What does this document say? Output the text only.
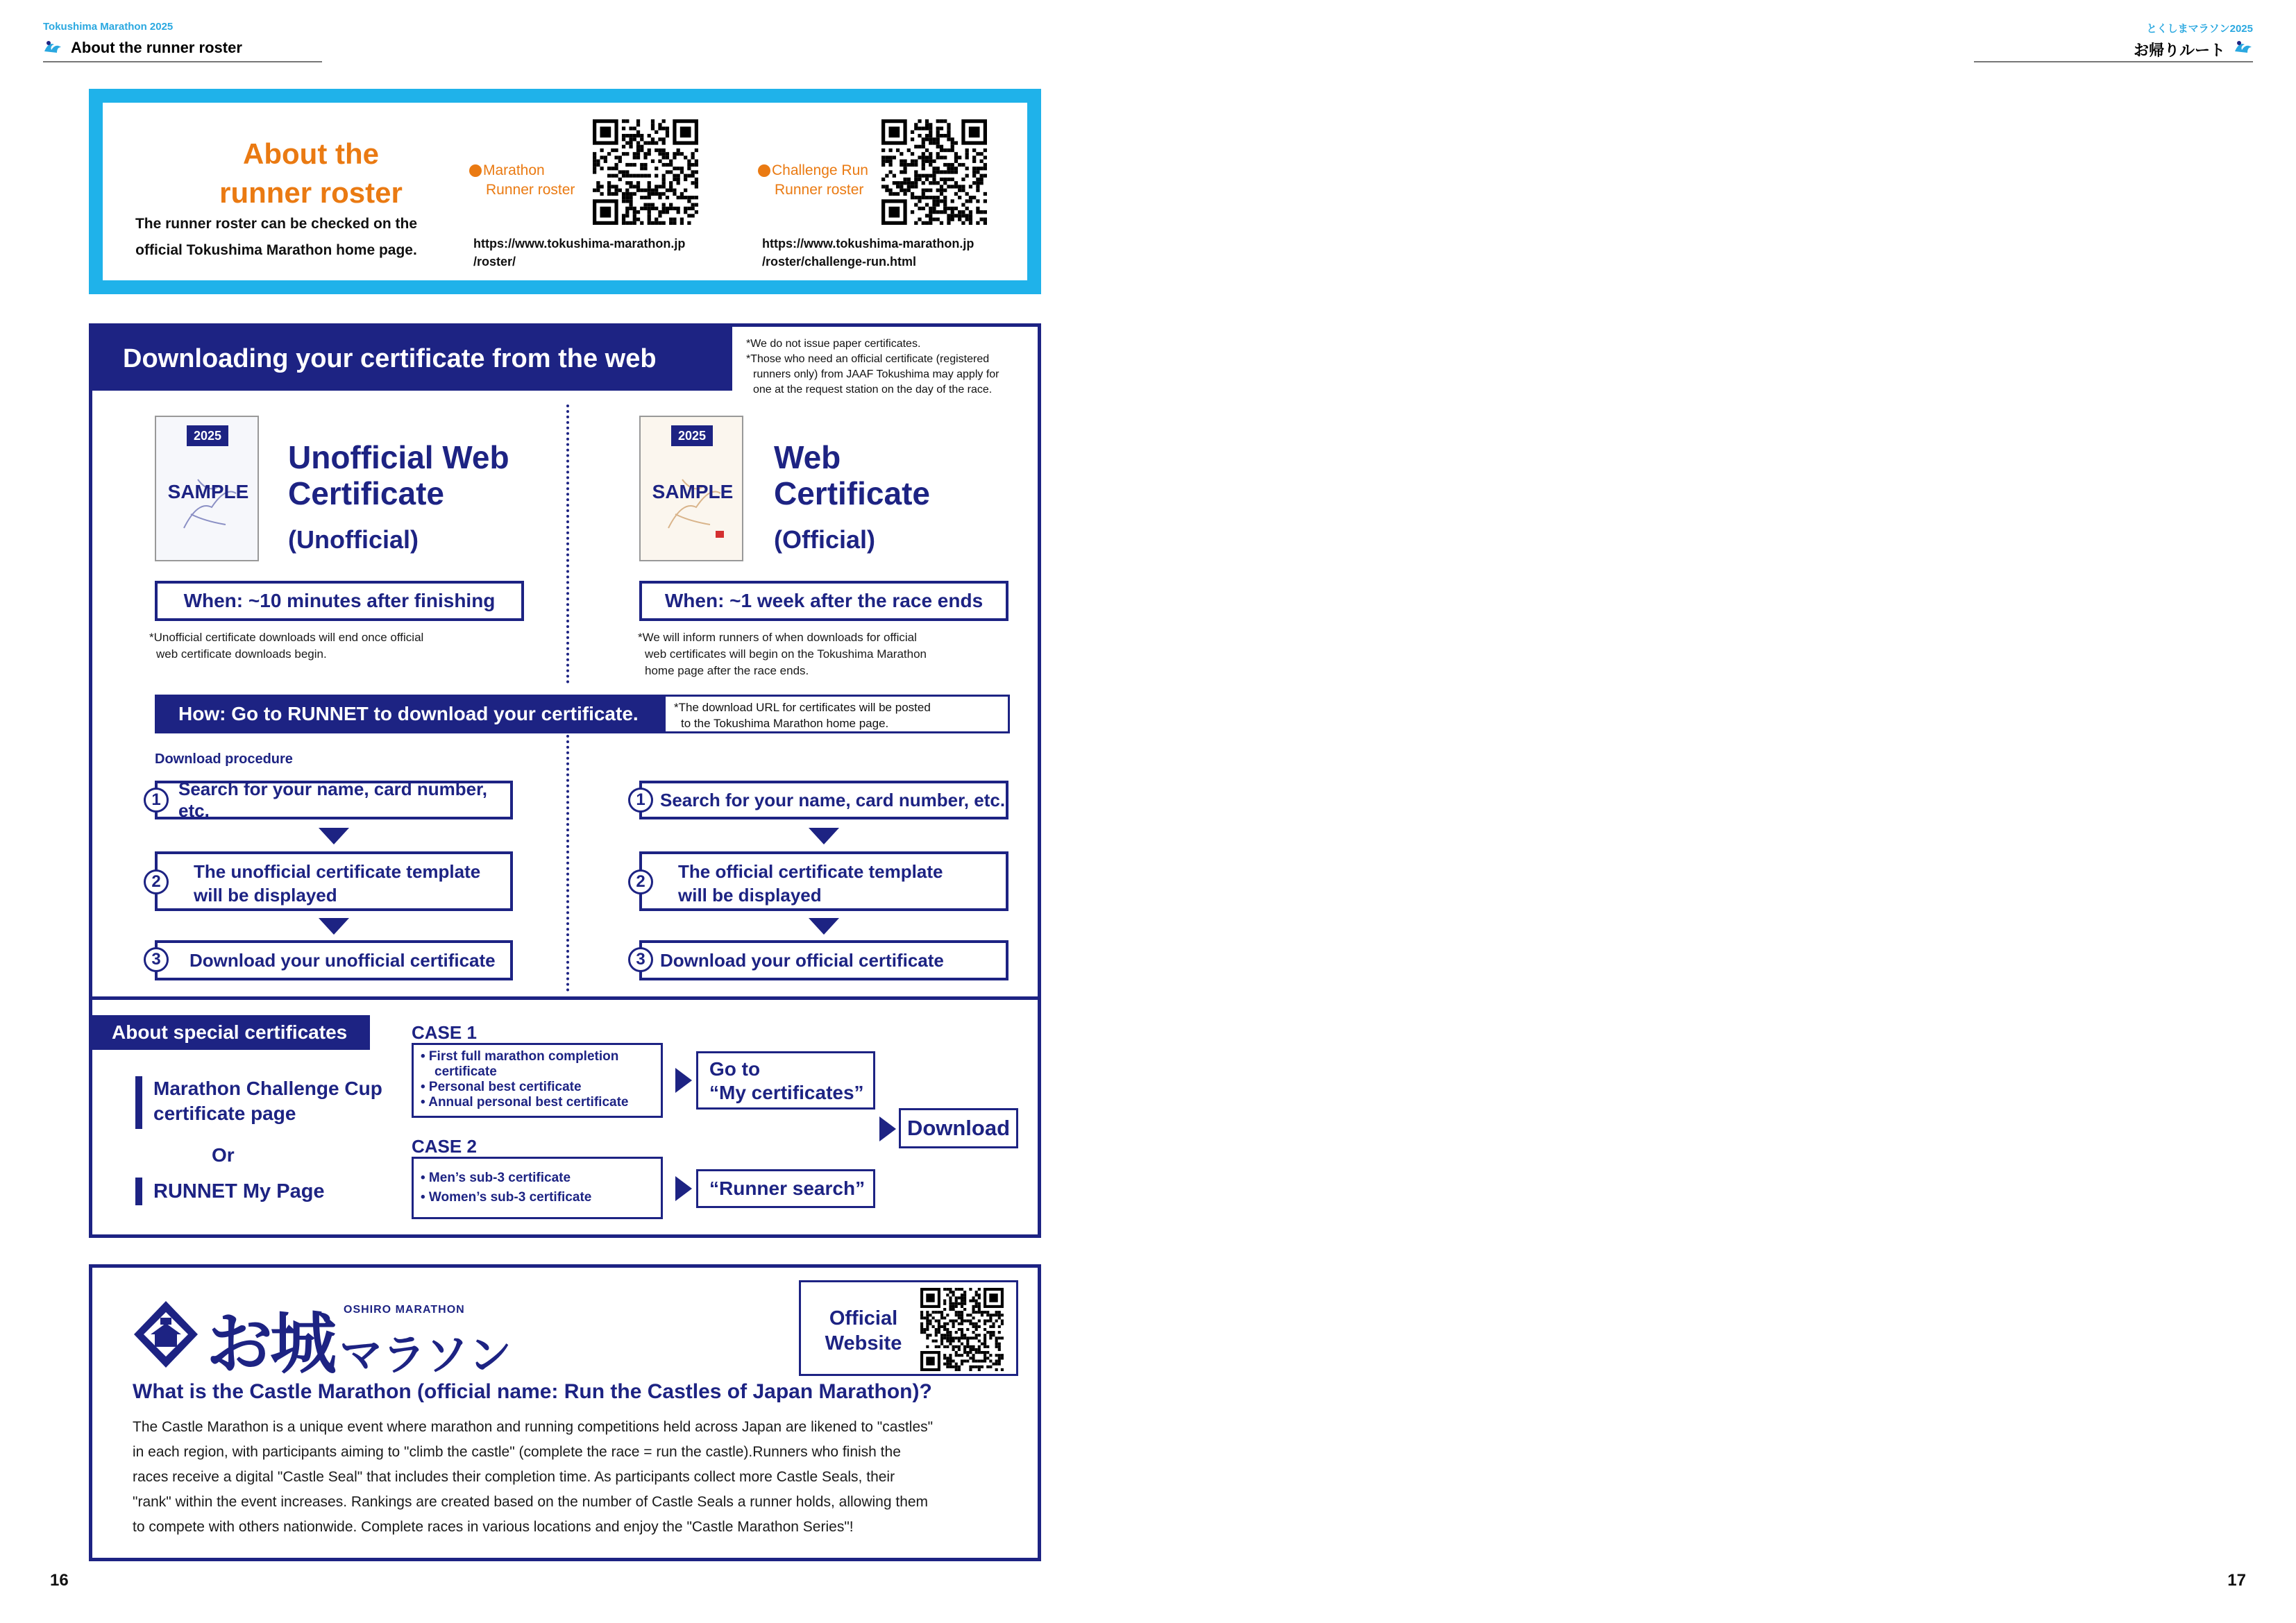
Tokushima Marathon 2025
About the runner roster
とくしまマラソン2025
お帰りルート
About the
runner roster
The runner roster can be checked on the
official Tokushima Marathon home page.
Marathon
Runner roster
https://www.tokushima-marathon.jp
/roster/
Challenge Run
Runner roster
https://www.tokushima-marathon.jp
/roster/challenge-run.html
Downloading your certificate from the web	*We do not issue paper certificates.
*Those who need an official certificate (registered
runners only) from JAAF Tokushima may apply for
one at the request station on the day of the race.
2025
SAMPLE
Unofficial Web
Certificate
(Unofficial)
When: ~10 minutes after finishing
*Unofficial certificate downloads will end once official
web certificate downloads begin.
2025
SAMPLE
Web
Certificate
(Official)
When: ~1 week after the race ends
*We will inform runners of when downloads for official
web certificates will begin on the Tokushima Marathon
home page after the race ends.
How: Go to RUNNET to download your certificate.	*The download URL for certificates will be posted
to the Tokushima Marathon home page.
Download procedure
Search for your name, card number, etc.
1
The unofficial certificate template
will be displayed
2
Download your unofficial certificate
3
Search for your name, card number, etc.
1
The official certificate template
will be displayed
2
Download your official certificate
3
About special certificates
Marathon Challenge Cup
certificate page
Or
RUNNET My Page
CASE 1
• First full marathon completion
certificate
• Personal best certificate
• Annual personal best certificate
Go to
“My certificates”
CASE 2
• Men’s sub-3 certificate
• Women’s sub-3 certificate	“Runner search”
Download
OSHIRO MARATHON
お城 マラソン
Official
Website
What is the Castle Marathon (official name: Run the Castles of Japan Marathon)?
The Castle Marathon is a unique event where marathon and running competitions held across Japan are likened to "castles"
in each region, with participants aiming to "climb the castle" (complete the race = run the castle).Runners who finish the
races receive a digital "Castle Seal" that includes their completion time. As participants collect more Castle Seals, their
"rank" within the event increases. Rankings are created based on the number of Castle Seals a runner holds, allowing them
to compete with others nationwide. Complete races in various locations and enjoy the "Castle Marathon Series"!
16	17
